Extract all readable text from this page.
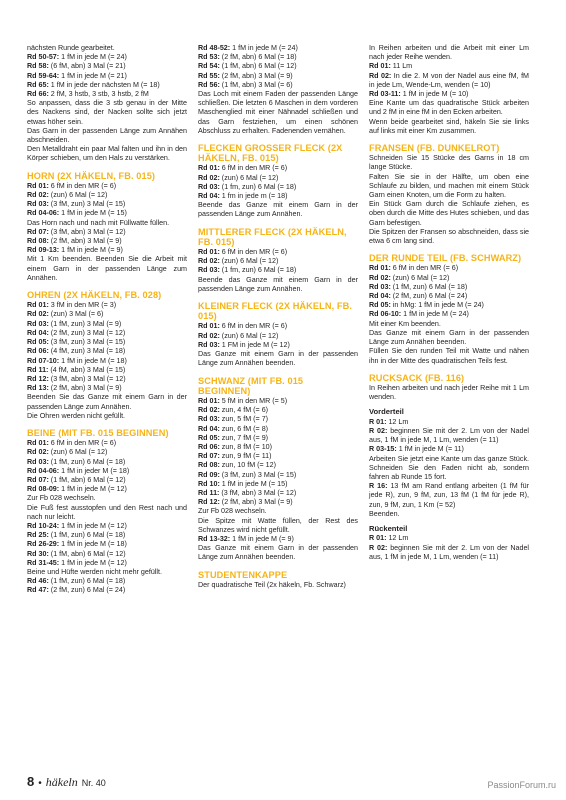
nächsten Runde gearbeitet.

Rd 50-57: 1 fM in jede M (= 24)

Rd 58: (6 fM, abn) 3 Mal (= 21)

Rd 59-64: 1 fM in jede M (= 21)

Rd 65: 1 fM in jede der nächsten M (= 18)

Rd 66: 2 fM, 3 hstb, 3 stb, 3 hstb, 2 fM

So anpassen, dass die 3 stb genau in der Mitte des Nackens sind, der Nacken sollte sich jetzt etwas höher sein.

Das Garn in der passenden Länge zum Annähen abschneiden.

Den Metalldraht ein paar Mal falten und ihn in den Körper schieben, um den Hals zu verstärken.

HORN (2X HÄKELN, FB. 015)

Rd 01: 6 fM in den MR (= 6)

Rd 02: (zun) 6 Mal (= 12)

Rd 03: (3 fM, zun) 3 Mal (= 15)

Rd 04-06: 1 fM in jede M (= 15)

Das Horn nach und nach mit Füllwatte füllen.

Rd 07: (3 fM, abn) 3 Mal (= 12)

Rd 08: (2 fM, abn) 3 Mal (= 9)

Rd 09-13: 1 fM in jede M (= 9)

Mit 1 Km beenden. Beenden Sie die Arbeit mit einem Garn in der passenden Länge zum Annähen.

OHREN (2X HÄKELN, FB. 028)

Rd 01: 3 fM in den MR (= 3)

Rd 02: (zun) 3 Mal (= 6)

Rd 03: (1 fM, zun) 3 Mal (= 9)

Rd 04: (2 fM, zun) 3 Mal (= 12)

Rd 05: (3 fM, zun) 3 Mal (= 15)

Rd 06: (4 fM, zun) 3 Mal (= 18)

Rd 07-10: 1 fM in jede M (= 18)

Rd 11: (4 fM, abn) 3 Mal (= 15)

Rd 12: (3 fM, abn) 3 Mal (= 12)

Rd 13: (2 fM, abn) 3 Mal (= 9)

Beenden Sie das Ganze mit einem Garn in der passenden Länge zum Annähen.

Die Ohren werden nicht gefüllt.

BEINE (MIT FB. 015 BEGINNEN)

Rd 01: 6 fM in den MR (= 6)

Rd 02: (zun) 6 Mal (= 12)

Rd 03: (1 fM, zun) 6 Mal (= 18)

Rd 04-06: 1 fM in jeder M (= 18)

Rd 07: (1 fM, abn) 6 Mal (= 12)

Rd 08-09: 1 fM in jede M (= 12)

Zur Fb 028 wechseln.

Die Fuß fest ausstopfen und den Rest nach und nach nur leicht.

Rd 10-24: 1 fM in jede M (= 12)

Rd 25: (1 fM, zun) 6 Mal (= 18)

Rd 26-29: 1 fM in jede M (= 18)

Rd 30: (1 fM, abn) 6 Mal (= 12)

Rd 31-45: 1 fM in jede M (= 12)

Beine und Hüfte werden nicht mehr gefüllt.

Rd 46: (1 fM, zun) 6 Mal (= 18)

Rd 47: (2 fM, zun) 6 Mal (= 24)

Rd 48-52: 1 fM in jede M (= 24)

Rd 53: (2 fM, abn) 6 Mal (= 18)

Rd 54: (1 fM, abn) 6 Mal (= 12)

Rd 55: (2 fM, abn) 3 Mal (= 9)

Rd 56: (1 fM, abn) 3 Mal (= 6)

Das Loch mit einem Faden der passenden Länge schließen. Die letzten 6 Maschen in dem vorderen Maschenglied mit einer Nähnadel schließen und das Garn festziehen, um einen schönen Abschluss zu erhalten. Fadenenden vernähen.

FLECKEN GROSSER FLECK (2X HÄKELN, FB. 015)

Rd 01: 6 fM in den MR (= 6)

Rd 02: (zun) 6 Mal (= 12)

Rd 03: (1 fm, zun) 6 Mal (= 18)

Rd 04: 1 fm in jede m (= 18)

Beende das Ganze mit einem Garn in der passenden Länge zum Annähen.

MITTLERER FLECK (2X HÄKELN, FB. 015)

Rd 01: 6 fM in den MR (= 6)

Rd 02: (zun) 6 Mal (= 12)

Rd 03: (1 fm, zun) 6 Mal (= 18)

Beende das Ganze mit einem Garn in der passenden Länge zum Annähen.

KLEINER FLECK (2X HÄKELN, FB. 015)

Rd 01: 6 fM in den MR (= 6)

Rd 02: (zun) 6 Mal (= 12)

Rd 03: 1 FM in jede M (= 12)

Das Ganze mit einem Garn in der passenden Länge zum Annähen beenden.

SCHWANZ (MIT FB. 015 BEGINNEN)

Rd 01: 5 fM in den MR (= 5)

Rd 02: zun, 4 fM (= 6)

Rd 03: zun, 5 fM (= 7)

Rd 04: zun, 6 fM (= 8)

Rd 05: zun, 7 fM (= 9)

Rd 06: zun, 8 fM (= 10)

Rd 07: zun, 9 fM (= 11)

Rd 08: zun, 10 fM (= 12)

Rd 09: (3 fM, zun) 3 Mal (= 15)

Rd 10: 1 fM in jede M (= 15)

Rd 11: (3 fM, abn) 3 Mal (= 12)

Rd 12: (2 fM, abn) 3 Mal (= 9)

Zur Fb 028 wechseln.

Die Spitze mit Watte füllen, der Rest des Schwanzes wird nicht gefüllt.

Rd 13-32: 1 fM in jede M (= 9)

Das Ganze mit einem Garn in der passenden Länge zum Annähen beenden.

STUDENTENKAPPE

Der quadratische Teil (2x häkeln, Fb. Schwarz)

In Reihen arbeiten und die Arbeit mit einer Lm nach jeder Reihe wenden.

Rd 01: 11 Lm

Rd 02: In die 2. M von der Nadel aus eine fM, fM in jede Lm, Wende-Lm, wenden (= 10)

Rd 03-11: 1 fM in jede M (= 10)

Eine Kante um das quadratische Stück arbeiten und 2 fM in eine fM in den Ecken arbeiten.

Wenn beide gearbeitet sind, häkeln Sie sie links auf links mit einer Km zusammen.

FRANSEN (FB. DUNKELROT)

Schneiden Sie 15 Stücke des Garns in 18 cm lange Stücke.

Falten Sie sie in der Hälfte, um oben eine Schlaufe zu bilden, und machen mit einem Stück Garn einen Knoten, um die Form zu halten.

Ein Stück Garn durch die Schlaufe ziehen, es oben durch die Mitte des Hutes schieben, und das Garn befestigen.

Die Spitzen der Fransen so abschneiden, dass sie etwa 6 cm lang sind.

DER RUNDE TEIL (FB. SCHWARZ)

Rd 01: 6 fM in den MR (= 6)

Rd 02: (zun) 6 Mal (= 12)

Rd 03: (1 fM, zun) 6 Mal (= 18)

Rd 04: (2 fM, zun) 6 Mal (= 24)

Rd 05: in hMg: 1 fM in jede M (= 24)

Rd 06-10: 1 fM in jede M (= 24)

Mit einer Km beenden.

Das Ganze mit einem Garn in der passenden Länge zum Annähen beenden.

Füllen Sie den runden Teil mit Watte und nähen ihn in der Mitte des quadratischen Teils fest.

RUCKSACK (FB. 116)

In Reihen arbeiten und nach jeder Reihe mit 1 Lm wenden.

Vorderteil

R 01: 12 Lm

R 02: beginnen Sie mit der 2. Lm von der Nadel aus, 1 fM in jede M, 1 Lm, wenden (= 11)

R 03-15: 1 fM in jede M (= 11)

Arbeiten Sie jetzt eine Kante um das ganze Stück. Schneiden Sie den Faden nicht ab, sondern fahren ab Runde 15 fort.

R 16: 13 fM am Rand entlang arbeiten (1 fM für jede R), zun, 9 fM, zun, 13 fM (1 fM für jede R), zun, 9 fM, zun, 1 Km (= 52)

Beenden.

Rückenteil

R 01: 12 Lm

R 02: beginnen Sie mit der 2. Lm von der Nadel aus, 1 fM in jede M, 1 Lm, wenden (= 11)

8 • häkeln Nr. 40	PassionForum.ru
